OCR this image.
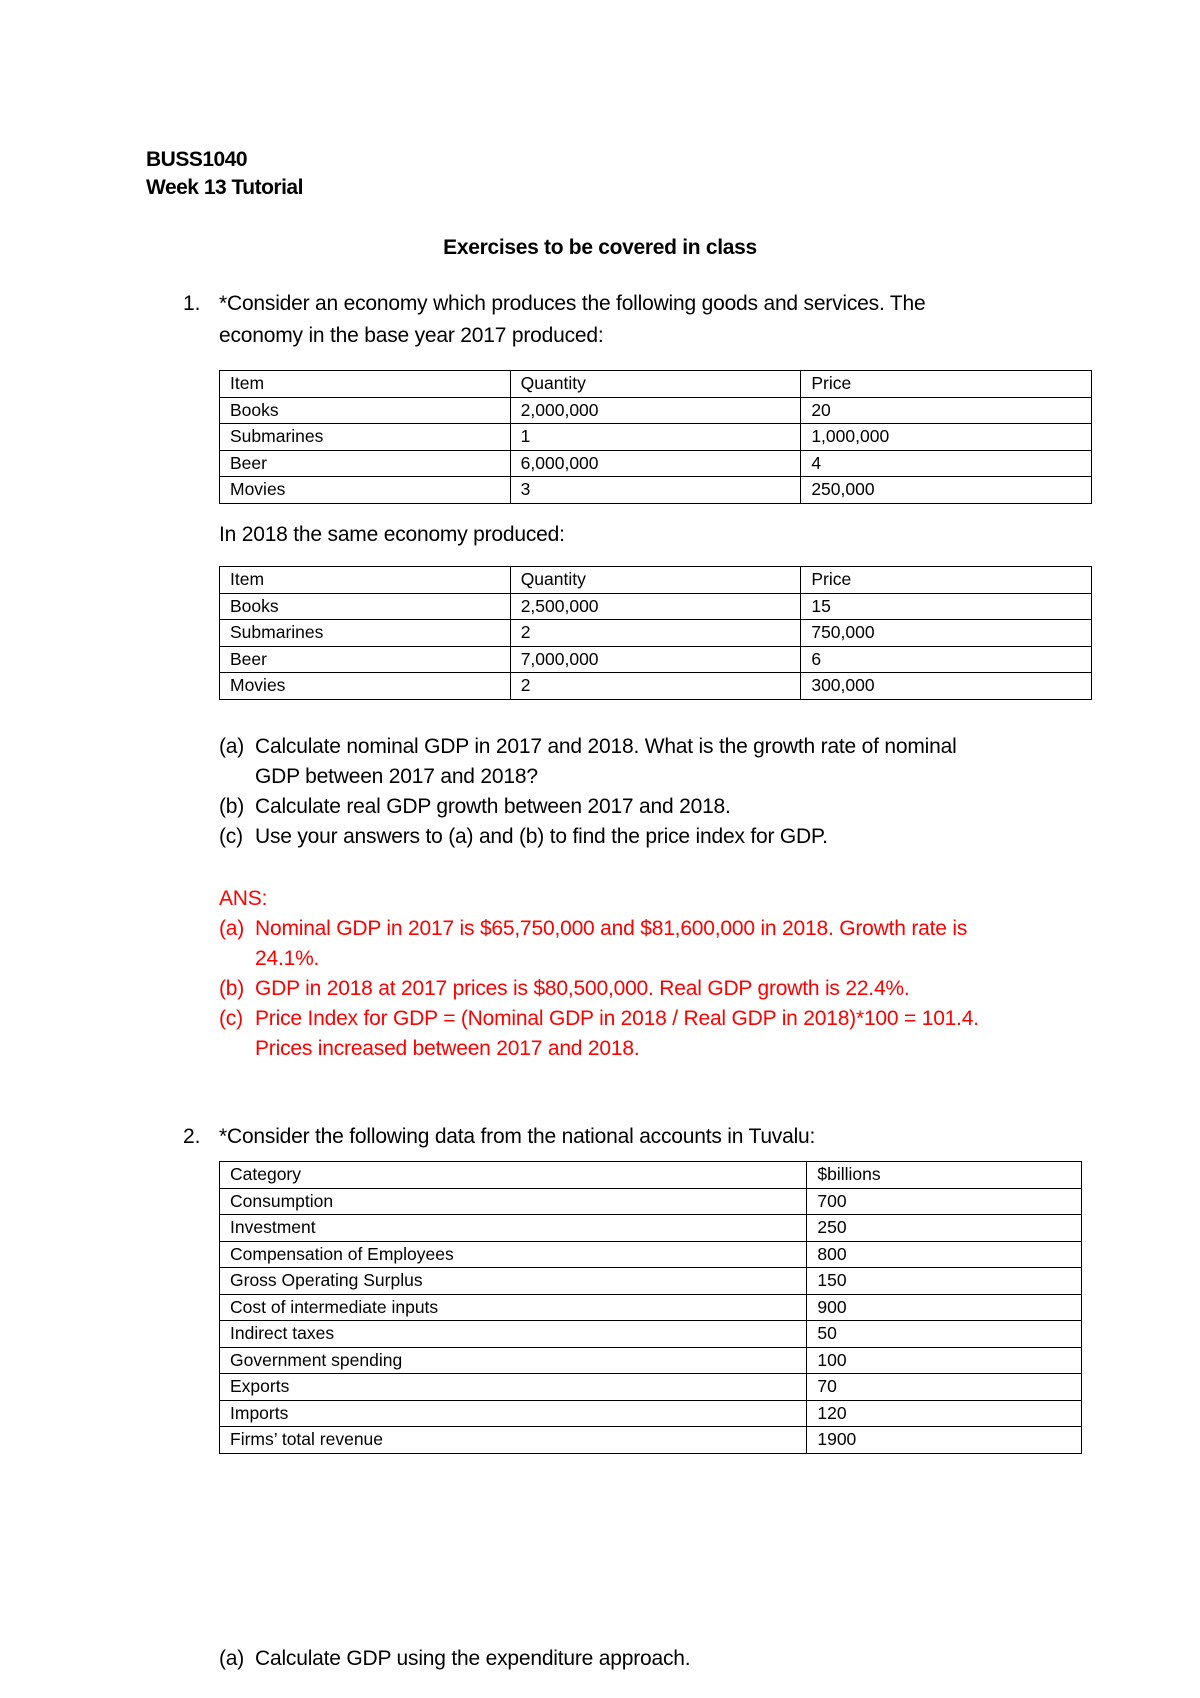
BUSS1040
Week 13 Tutorial
Exercises to be covered in class
1. *Consider an economy which produces the following goods and services. The
economy in the base year 2017 produced:
Item	Quantity	Price
Books	2,000,000	20
Submarines	1	1,000,000
Beer	6,000,000	4
Movies	3	250,000
In 2018 the same economy produced:
Item	Quantity	Price
Books	2,500,000	15
Submarines	2	750,000
Beer	7,000,000	6
Movies	2	300,000
(a) Calculate nominal GDP in 2017 and 2018. What is the growth rate of nominal
GDP between 2017 and 2018?
(b) Calculate real GDP growth between 2017 and 2018.
(c) Use your answers to (a) and (b) to find the price index for GDP.
ANS:
(a) Nominal GDP in 2017 is $65,750,000 and $81,600,000 in 2018. Growth rate is
24.1%.
(b) GDP in 2018 at 2017 prices is $80,500,000. Real GDP growth is 22.4%.
(c) Price Index for GDP = (Nominal GDP in 2018 / Real GDP in 2018)*100 = 101.4.
Prices increased between 2017 and 2018.
2. *Consider the following data from the national accounts in Tuvalu:
Category	$billions
Consumption	700
Investment	250
Compensation of Employees	800
Gross Operating Surplus	150
Cost of intermediate inputs	900
Indirect taxes	50
Government spending	100
Exports	70
Imports	120
Firms’ total revenue	1900
(a) Calculate GDP using the expenditure approach.
